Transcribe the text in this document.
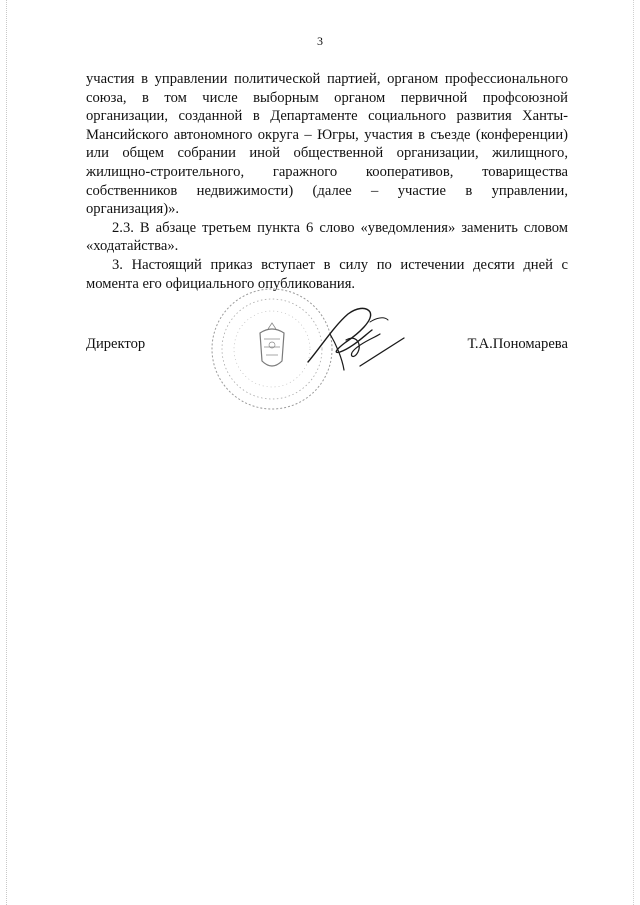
3

участия в управлении политической партией, органом профессионального союза, в том числе выборным органом первичной профсоюзной организации, созданной в Департаменте социального развития Ханты-Мансийского автономного округа – Югры, участия в съезде (конференции) или общем собрании иной общественной организации, жилищного, жилищно-строительного, гаражного кооперативов, товарищества собственников недвижимости) (далее – участие в управлении, организация)».

2.3. В абзаце третьем пункта 6 слово «уведомления» заменить словом «ходатайства».

3. Настоящий приказ вступает в силу по истечении десяти дней с момента его официального опубликования.

Директор	Т.А.Пономарева
